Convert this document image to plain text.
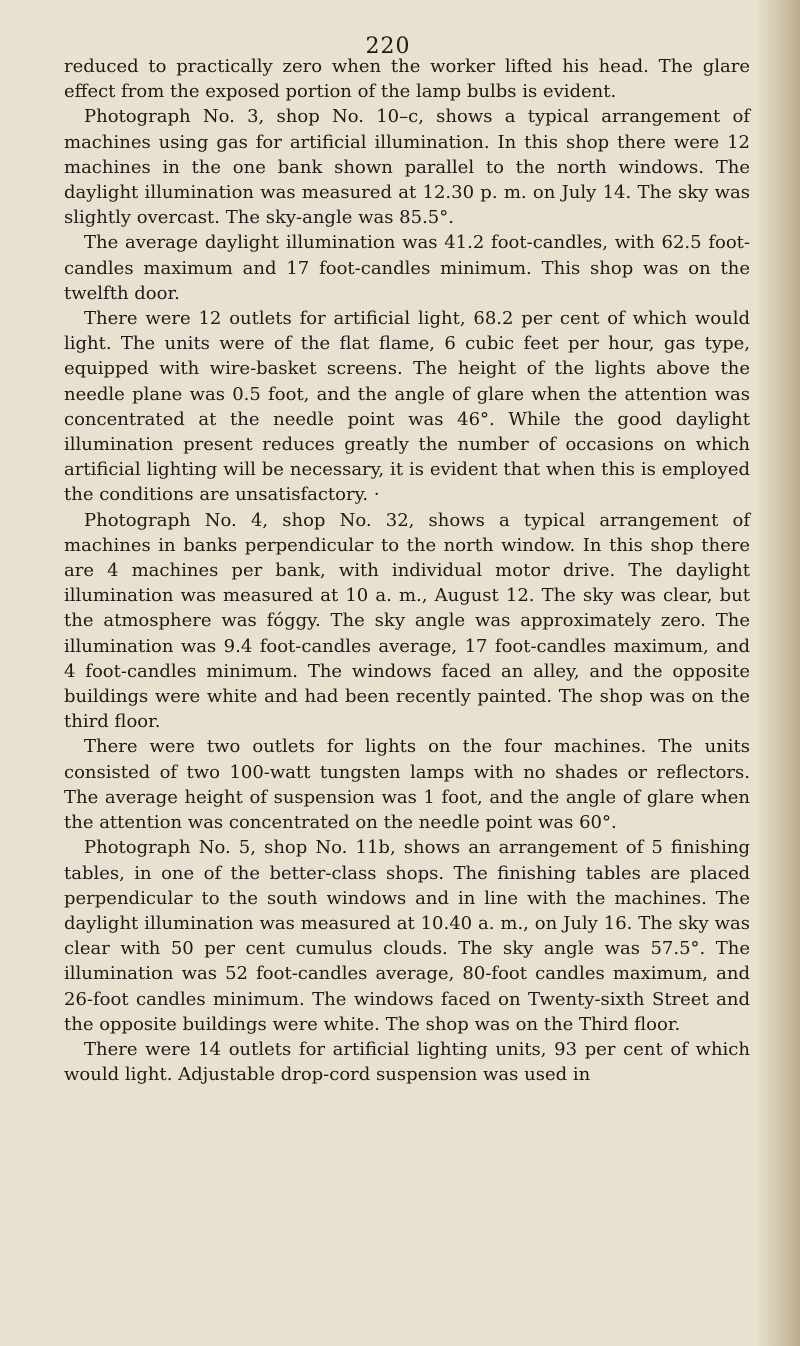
220

reduced to practically zero when the worker lifted his head. The glare effect from the exposed portion of the lamp bulbs is evident.

Photograph No. 3, shop No. 10–c, shows a typical arrangement of machines using gas for artificial illumination. In this shop there were 12 machines in the one bank shown parallel to the north windows. The daylight illumination was measured at 12.30 p. m. on July 14. The sky was slightly overcast. The sky-angle was 85.5°.

The average daylight illumination was 41.2 foot-candles, with 62.5 foot-candles maximum and 17 foot-candles minimum. This shop was on the twelfth door.

There were 12 outlets for artificial light, 68.2 per cent of which would light. The units were of the flat flame, 6 cubic feet per hour, gas type, equipped with wire-basket screens. The height of the lights above the needle plane was 0.5 foot, and the angle of glare when the attention was concentrated at the needle point was 46°. While the good daylight illumination present reduces greatly the number of occasions on which artificial lighting will be necessary, it is evident that when this is employed the conditions are unsatisfactory. ·

Photograph No. 4, shop No. 32, shows a typical arrangement of machines in banks perpendicular to the north window. In this shop there are 4 machines per bank, with individual motor drive. The daylight illumination was measured at 10 a. m., August 12. The sky was clear, but the atmosphere was fóggy. The sky angle was approximately zero. The illumination was 9.4 foot-candles average, 17 foot-candles maximum, and 4 foot-candles minimum. The windows faced an alley, and the opposite buildings were white and had been recently painted. The shop was on the third floor.

There were two outlets for lights on the four machines. The units consisted of two 100-watt tungsten lamps with no shades or reflectors. The average height of suspension was 1 foot, and the angle of glare when the attention was concentrated on the needle point was 60°.

Photograph No. 5, shop No. 11b, shows an arrangement of 5 finishing tables, in one of the better-class shops. The finishing tables are placed perpendicular to the south windows and in line with the machines. The daylight illumination was measured at 10.40 a. m., on July 16. The sky was clear with 50 per cent cumulus clouds. The sky angle was 57.5°. The illumination was 52 foot-candles average, 80-foot candles maximum, and 26-foot candles minimum. The windows faced on Twenty-sixth Street and the opposite buildings were white. The shop was on the Third floor.

There were 14 outlets for artificial lighting units, 93 per cent of which would light. Adjustable drop-cord suspension was used in
